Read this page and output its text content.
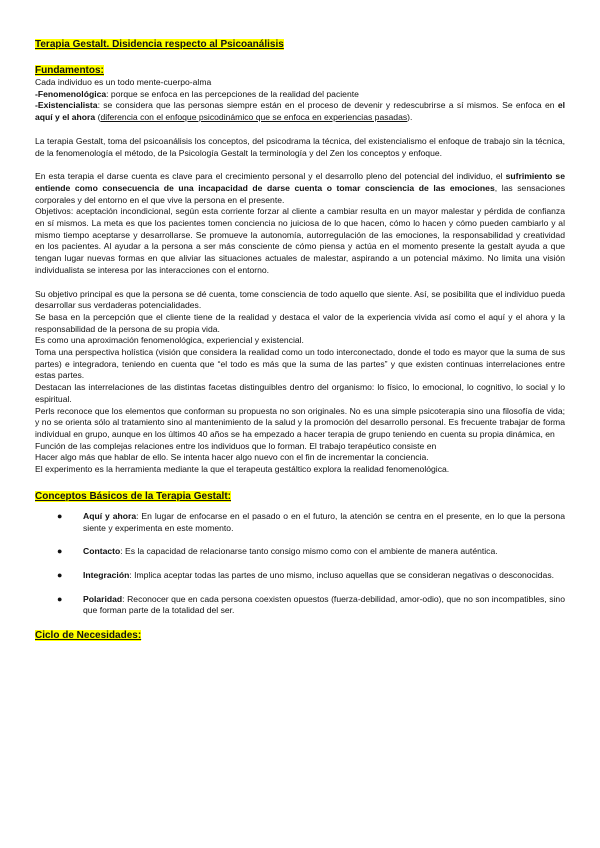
Terapia Gestalt. Disidencia respecto al Psicoanálisis
Fundamentos:

Cada individuo es un todo mente-cuerpo-alma

-Fenomenológica: porque se enfoca en las percepciones de la realidad del paciente

-Existencialista: se considera que las personas siempre están en el proceso de devenir y redescubrirse a sí mismos. Se enfoca en el aquí y el ahora (diferencia con el enfoque psicodinámico que se enfoca en experiencias pasadas).

La terapia Gestalt, toma del psicoanálisis los conceptos, del psicodrama la técnica, del existencialismo el enfoque de trabajo sin la técnica, de la fenomenología el método, de la Psicología Gestalt la terminología y del Zen los conceptos y enfoque.

En esta terapia el darse cuenta es clave para el crecimiento personal y el desarrollo pleno del potencial del individuo, el sufrimiento se entiende como consecuencia de una incapacidad de darse cuenta o tomar consciencia de las emociones, las sensaciones corporales y del entorno en el que vive la persona en el presente.

Objetivos: aceptación incondicional, según esta corriente forzar al cliente a cambiar resulta en un mayor malestar y pérdida de confianza en sí mismos. La meta es que los pacientes tomen conciencia no juiciosa de lo que hacen, cómo lo hacen y cómo pueden cambiarlo y al mismo tiempo aceptarse y desarrollarse. Se promueve la autonomía, autorregulación de las emociones, la responsabilidad y creatividad en los pacientes. Al ayudar a la persona a ser más consciente de cómo piensa y actúa en el momento presente la gestalt ayuda a que tengan lugar nuevas formas en que aliviar las situaciones actuales de malestar, aspirando a un potencial máximo. No limita una visión individualista se interesa por las interacciones con el entorno.

Su objetivo principal es que la persona se dé cuenta, tome consciencia de todo aquello que siente. Así, se posibilita que el individuo pueda desarrollar sus verdaderas potencialidades.

Se basa en la percepción que el cliente tiene de la realidad y destaca el valor de la experiencia vivida así como el aquí y el ahora y la responsabilidad de la persona de su propia vida.

Es como una aproximación fenomenológica, experiencial y existencial.

Toma una perspectiva holística (visión que considera la realidad como un todo interconectado, donde el todo es mayor que la suma de sus partes) e integradora, teniendo en cuenta que “el todo es más que la suma de las partes” y que existen continuas interrelaciones entre estas partes.

Destacan las interrelaciones de las distintas facetas distinguibles dentro del organismo: lo físico, lo emocional, lo cognitivo, lo social y lo espiritual.

Perls reconoce que los elementos que conforman su propuesta no son originales. No es una simple psicoterapia sino una filosofía de vida; y no se orienta sólo al tratamiento sino al mantenimiento de la salud y la promoción del desarrollo personal. Es frecuente trabajar de forma individual en grupo, aunque en los últimos 40 años se ha empezado a hacer terapia de grupo teniendo en cuenta su propia dinámica, en

Función de las complejas relaciones entre los individuos que lo forman. El trabajo terapéutico consiste en

Hacer algo más que hablar de ello. Se intenta hacer algo nuevo con el fin de incrementar la conciencia.

El experimento es la herramienta mediante la que el terapeuta gestáltico explora la realidad fenomenológica.

Conceptos Básicos de la Terapia Gestalt:
● Aquí y ahora: En lugar de enfocarse en el pasado o en el futuro, la atención se centra en el presente, en lo que la persona siente y experimenta en este momento.
● Contacto: Es la capacidad de relacionarse tanto consigo mismo como con el ambiente de manera auténtica.
● Integración: Implica aceptar todas las partes de uno mismo, incluso aquellas que se consideran negativas o desconocidas.
● Polaridad: Reconocer que en cada persona coexisten opuestos (fuerza-debilidad, amor-odio), que no son incompatibles, sino que forman parte de la totalidad del ser.
Ciclo de Necesidades:
